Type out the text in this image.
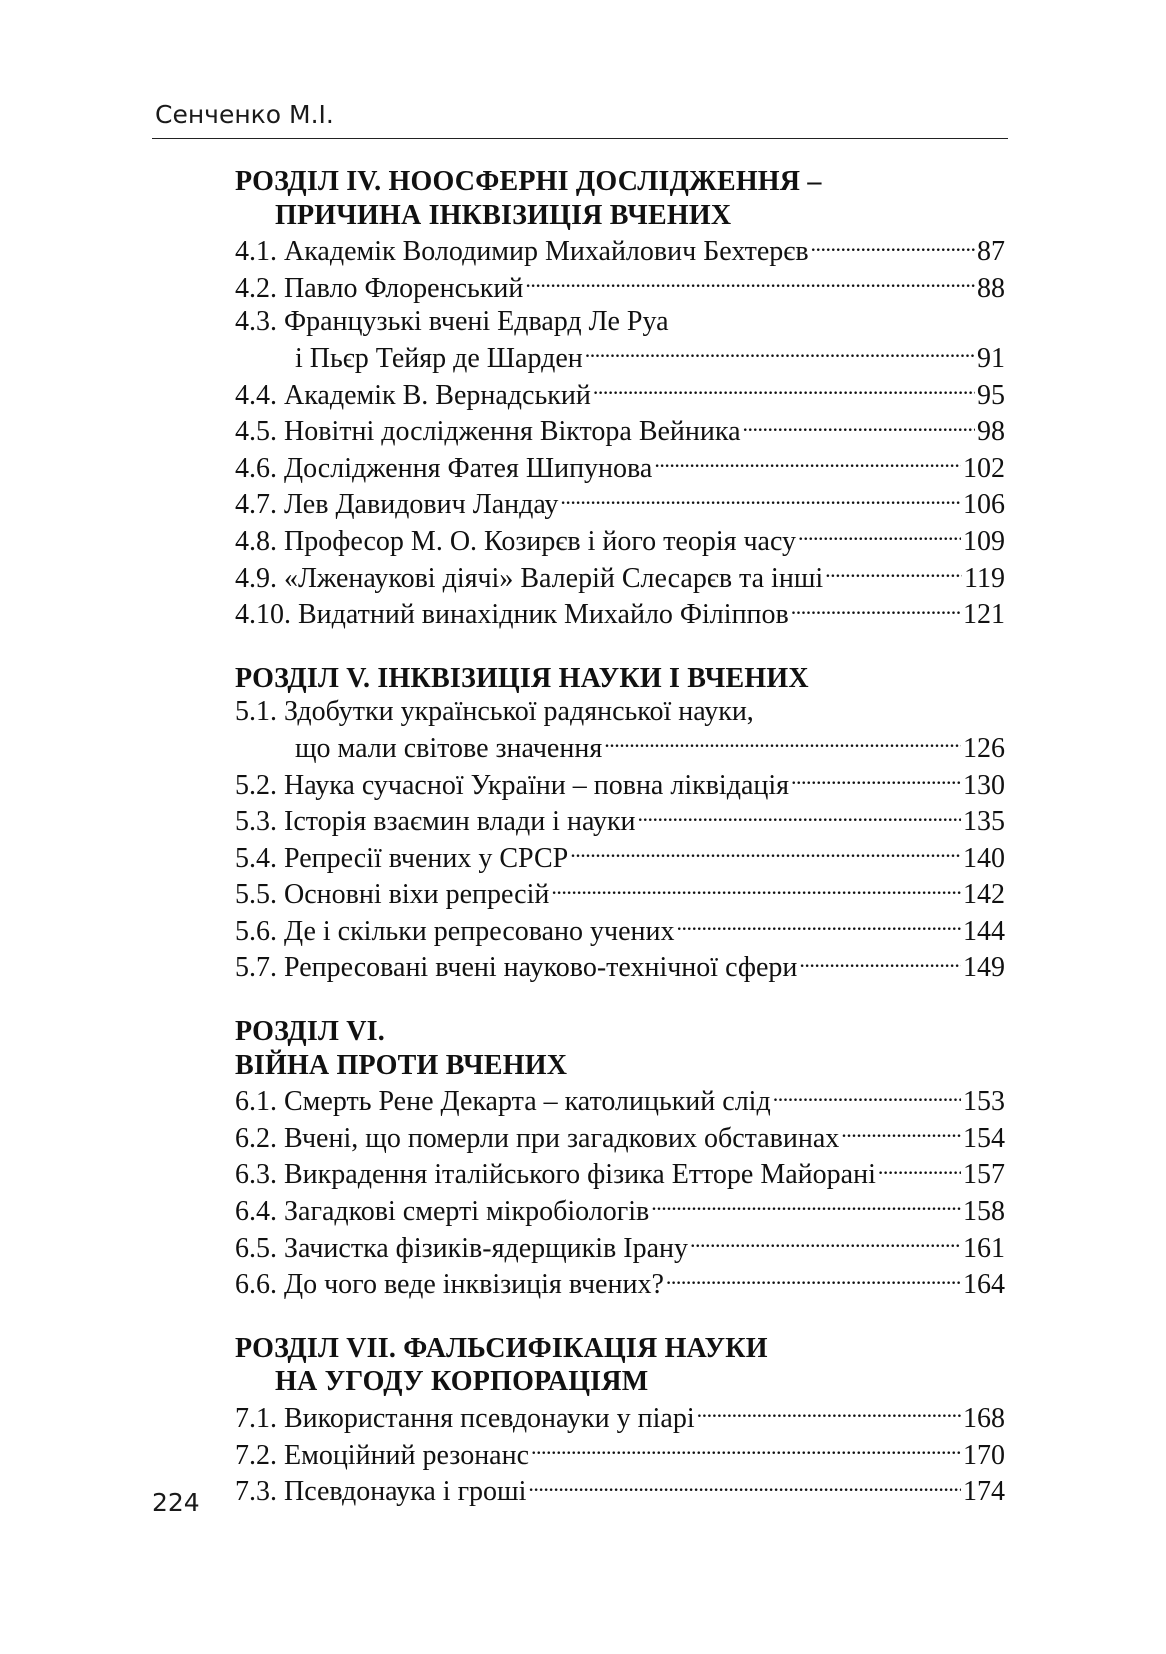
Сенченко М.І.
РОЗДІЛ IV. НООСФЕРНІ ДОСЛІДЖЕННЯ –
ПРИЧИНА ІНКВІЗИЦІЯ ВЧЕНИХ
4.1. Академік Володимир Михайлович Бехтерєв . . .	87
4.2. Павло Флоренський . . .	88
4.3. Французькі вчені Едвард Ле Руа
і Пьєр Тейяр де Шарден . . .	91
4.4. Академік В. Вернадський . . .	95
4.5. Новітні дослідження Віктора Вейника . . .	98
4.6. Дослідження Фатея Шипунова . . .	102
4.7. Лев Давидович Ландау . . .	106
4.8. Професор М. О. Козирєв і його теорія часу . . .	109
4.9. «Лженаукові діячі» Валерій Слесарєв та інші . . .	119
4.10. Видатний винахідник Михайло Філіппов . . .	121
РОЗДІЛ V. ІНКВІЗИЦІЯ НАУКИ І ВЧЕНИХ
5.1. Здобутки української радянської науки,
що мали світове значення . . .	126
5.2. Наука сучасної України – повна ліквідація . . .	130
5.3. Історія взаємин влади і науки . . .	135
5.4. Репресії вчених у СРСР . . .	140
5.5. Основні віхи репресій . . .	142
5.6. Де і скільки репресовано учених . . .	144
5.7. Репресовані вчені науково-технічної сфери . . .	149
РОЗДІЛ VI.
ВІЙНА ПРОТИ ВЧЕНИХ
6.1. Смерть Рене Декарта – католицький слід . . .	153
6.2. Вчені, що померли при загадкових обставинах . . .	154
6.3. Викрадення італійського фізика Етторе Майорані . . .	157
6.4. Загадкові смерті мікробіологів . . .	158
6.5. Зачистка фізиків-ядерщиків Ірану . . .	161
6.6. До чого веде інквізиція вчених? . . .	164
РОЗДІЛ VII. ФАЛЬСИФІКАЦІЯ НАУКИ
НА УГОДУ КОРПОРАЦІЯМ
7.1. Використання псевдонауки у піарі . . .	168
7.2. Емоційний резонанс . . .	170
7.3. Псевдонаука і гроші . . .	174
224
